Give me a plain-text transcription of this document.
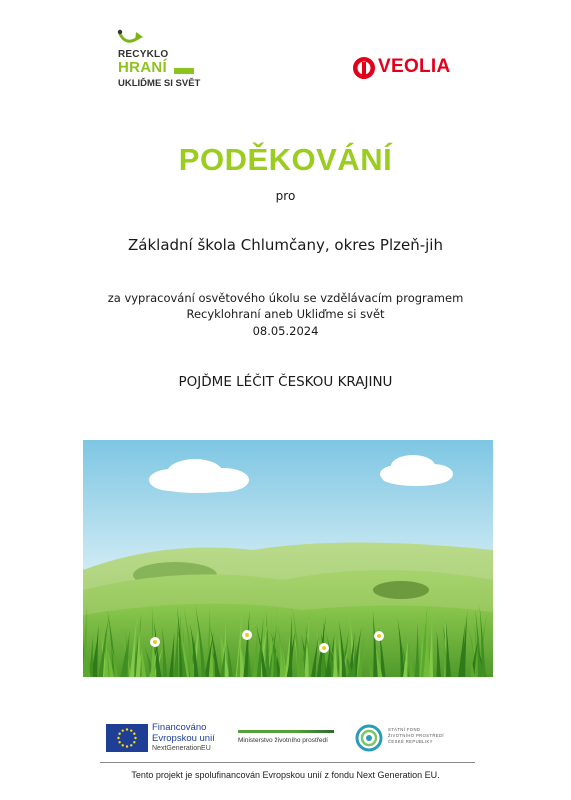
RECYKLO
HRANÍ
UKLIĎME SI SVĚT
VEOLIA
PODĚKOVÁNÍ
pro
Základní škola Chlumčany, okres Plzeň-jih
za vypracování osvětového úkolu se vzdělávacím programem
Recyklohraní aneb Ukliďme si svět
08.05.2024
POJĎME LÉČIT ČESKOU KRAJINU
Financováno
Evropskou unií
NextGenerationEU
Ministerstvo životního prostředí
STÁTNÍ FOND
ŽIVOTNÍHO PROSTŘEDÍ
ČESKÉ REPUBLIKY
Tento projekt je spolufinancován Evropskou unií z fondu Next Generation EU.
